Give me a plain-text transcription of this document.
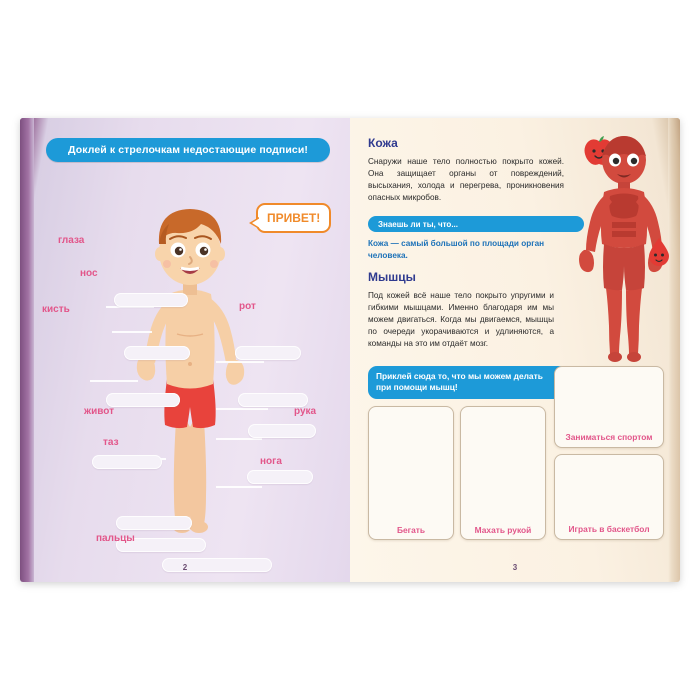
Доклей к стрелочкам недостающие подписи!
ПРИВЕТ!
глаза
нос
кисть	рот
живот	рука
таз
нога
пальцы
2
Кожа
Снаружи наше тело полностью покрыто кожей. Она защищает органы от повреждений, высыхания, холода и перегрева, проникновения опасных микробов.
Знаешь ли ты, что...
Кожа — самый большой по площади орган человека.
Мышцы
Под кожей всё наше тело покрыто упругими и гибкими мышцами. Именно благодаря им мы можем двигаться. Когда мы двигаемся, мышцы по очереди укорачиваются и удлиняются, а команды на это им отдаёт мозг.
Приклей сюда то, что мы можем делать при помощи мышц!
Бегать	Махать рукой
Заниматься спортом
Играть в баскетбол
3
